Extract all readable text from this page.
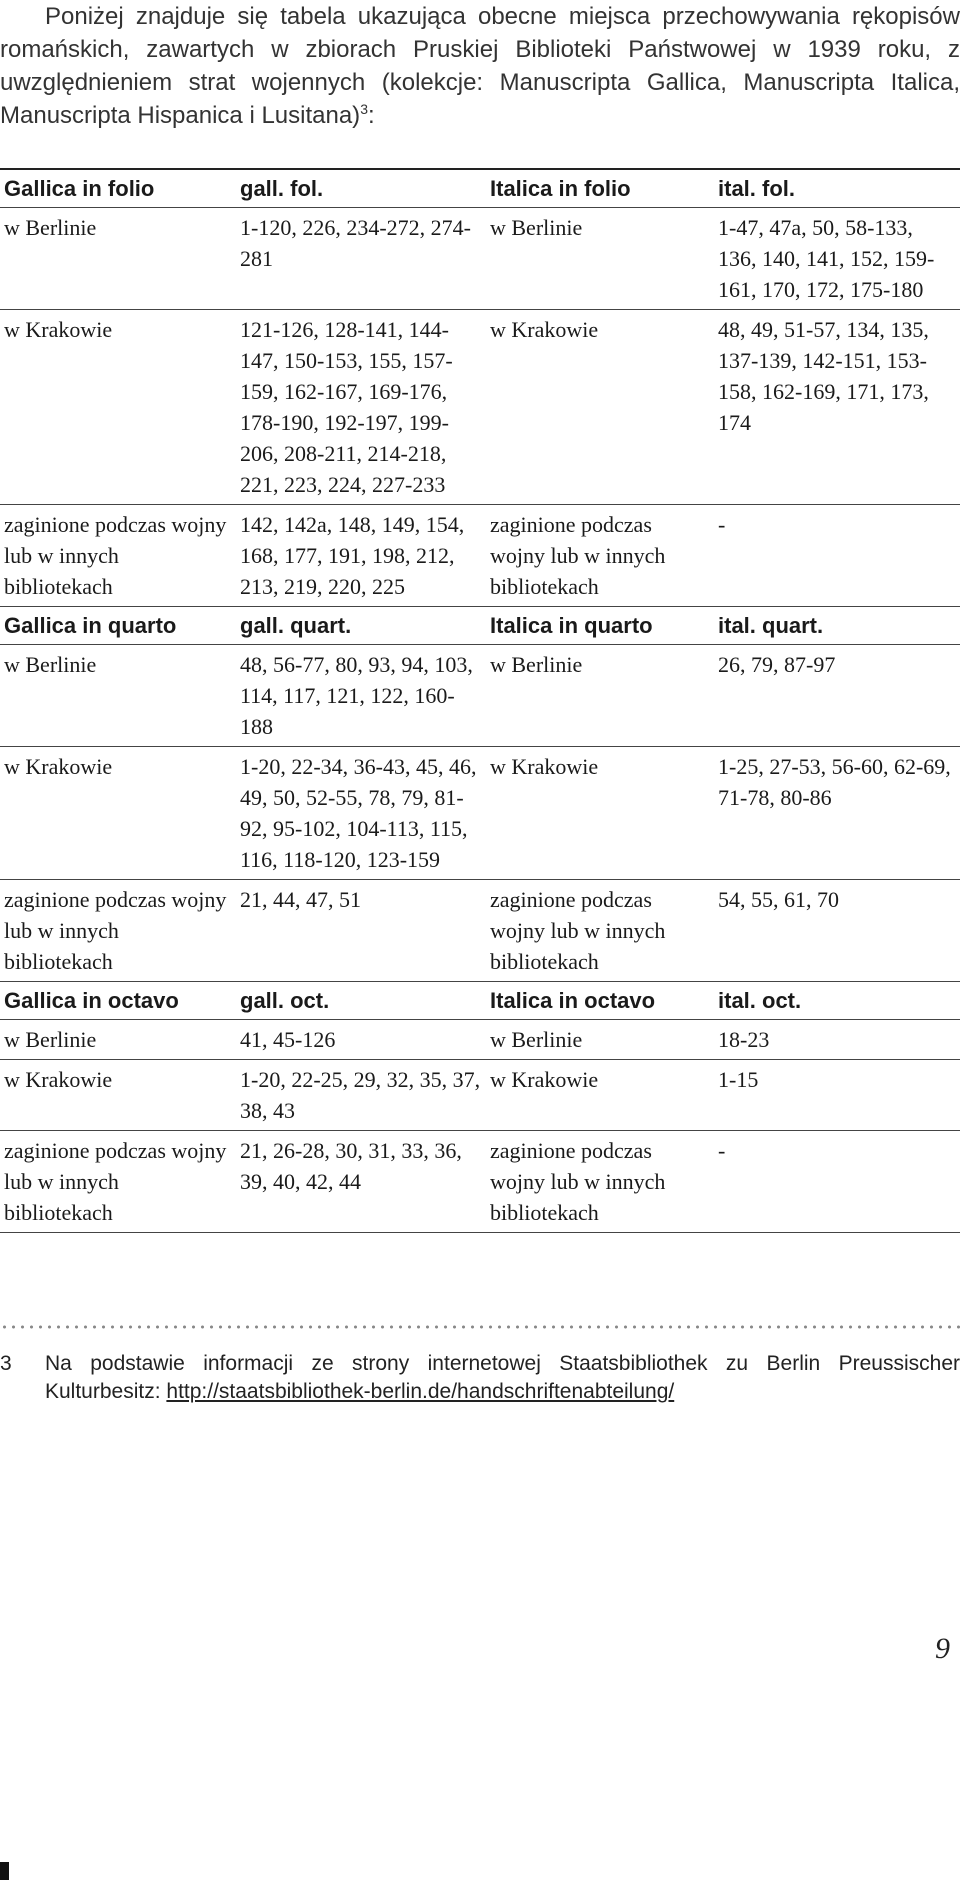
Poniżej znajduje się tabela ukazująca obecne miejsca przechowywania rękopisów romańskich, zawartych w zbiorach Pruskiej Biblioteki Państwowej w 1939 roku, z uwzględnieniem strat wojennych (kolekcje: Manuscripta Gallica, Manuscripta Italica, Manuscripta Hispanica i Lusitana)$^3$:

Gallica in folio	gall. fol.	Italica in folio	ital. fol.
w Berlinie	1-120, 226, 234-272, 274-281	w Berlinie	1-47, 47a, 50, 58-133, 136, 140, 141, 152, 159-161, 170, 172, 175-180
w Krakowie	121-126, 128-141, 144-147, 150-153, 155, 157-159, 162-167, 169-176, 178-190, 192-197, 199-206, 208-211, 214-218, 221, 223, 224, 227-233	w Krakowie	48, 49, 51-57, 134, 135, 137-139, 142-151, 153-158, 162-169, 171, 173, 174
zaginione podczas wojny lub w innych bibliotekach	142, 142a, 148, 149, 154, 168, 177, 191, 198, 212, 213, 219, 220, 225	zaginione podczas wojny lub w innych bibliotekach	-
Gallica in quarto	gall. quart.	Italica in quarto	ital. quart.
w Berlinie	48, 56-77, 80, 93, 94, 103, 114, 117, 121, 122, 160-188	w Berlinie	26, 79, 87-97
w Krakowie	1-20, 22-34, 36-43, 45, 46, 49, 50, 52-55, 78, 79, 81-92, 95-102, 104-113, 115, 116, 118-120, 123-159	w Krakowie	1-25, 27-53, 56-60, 62-69, 71-78, 80-86
zaginione podczas wojny lub w innych bibliotekach	21, 44, 47, 51	zaginione podczas wojny lub w innych bibliotekach	54, 55, 61, 70
Gallica in octavo	gall. oct.	Italica in octavo	ital. oct.
w Berlinie	41, 45-126	w Berlinie	18-23
w Krakowie	1-20, 22-25, 29, 32, 35, 37, 38, 43	w Krakowie	1-15
zaginione podczas wojny lub w innych bibliotekach	21, 26-28, 30, 31, 33, 36, 39, 40, 42, 44	zaginione podczas wojny lub w innych bibliotekach	-
3 Na podstawie informacji ze strony internetowej Staatsbibliothek zu Berlin Preussischer Kulturbesitz: http://staatsbibliothek-berlin.de/handschriftenabteilung/
9
